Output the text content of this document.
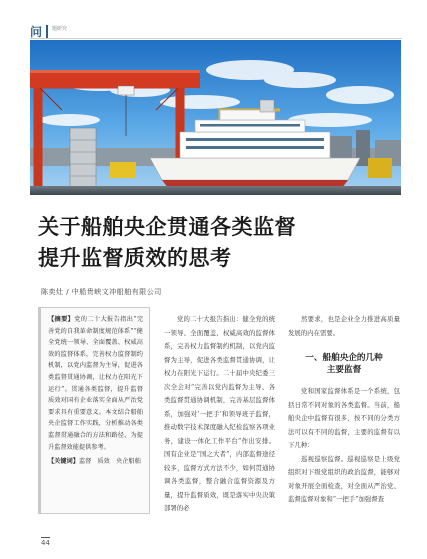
问 题研究
关于船舶央企贯通各类监督
提升监督质效的思考
陈奕灶 / 中船贵峡文冲船舶有限公司

【摘要】党的二十大报告指出“完善党的自我革命制度规范体系”“健全党统一领导、全面覆盖、权威高效的监督体系，完善权力监督制约机制，以党内监督为主导，促进各类监督贯通协调，让权力在阳光下运行”。贯通各类监督，提升监督质效对国有企业落实全面从严治党要求具有重要意义。本文结合船舶央企监督工作实践，分析推动各类监督贯通融合的方法和路径，为提升监督效能提供参考。

【关键词】监督　质效　央企船舶

党的二十大报告指出：健全党的统一领导、全面覆盖、权威高效的监督体系，完善权力监督制约机制，以党内监督为主导，促进各类监督贯通协调，让权力在阳光下运行。二十届中央纪委三次全会对“完善以党内监督为主导、各类监督贯通协调机制，完善基层监督体系，加强对‘一把手’和领导班子监督，推动数字技术深度融入纪检监察各项业务，建设一体化工作平台”作出安排。国有企业是“国之大者”，内部监督途径较多，监督方式方法不少，如何贯通协调各类监督，整合融合监督资源及方量，提升监督质效，既是落实中央决策部署的必

然要求，也是企业全力推进高质量发展的内在需要。

一、船舶央企的几种
主要监督

党和国家监督体系是一个系统，包括日常不同对象的各类监督。当前，船舶央企中监督有很多，按不同的分类方法可以有不同的监督，主要的监督有以下几种：

巡视巡察监督。巡视巡察是上级党组织对下级党组织的政治监督，能够对对象开展全面检查，对全面从严治党、监督监督对象和“一把手”加强督查

44
